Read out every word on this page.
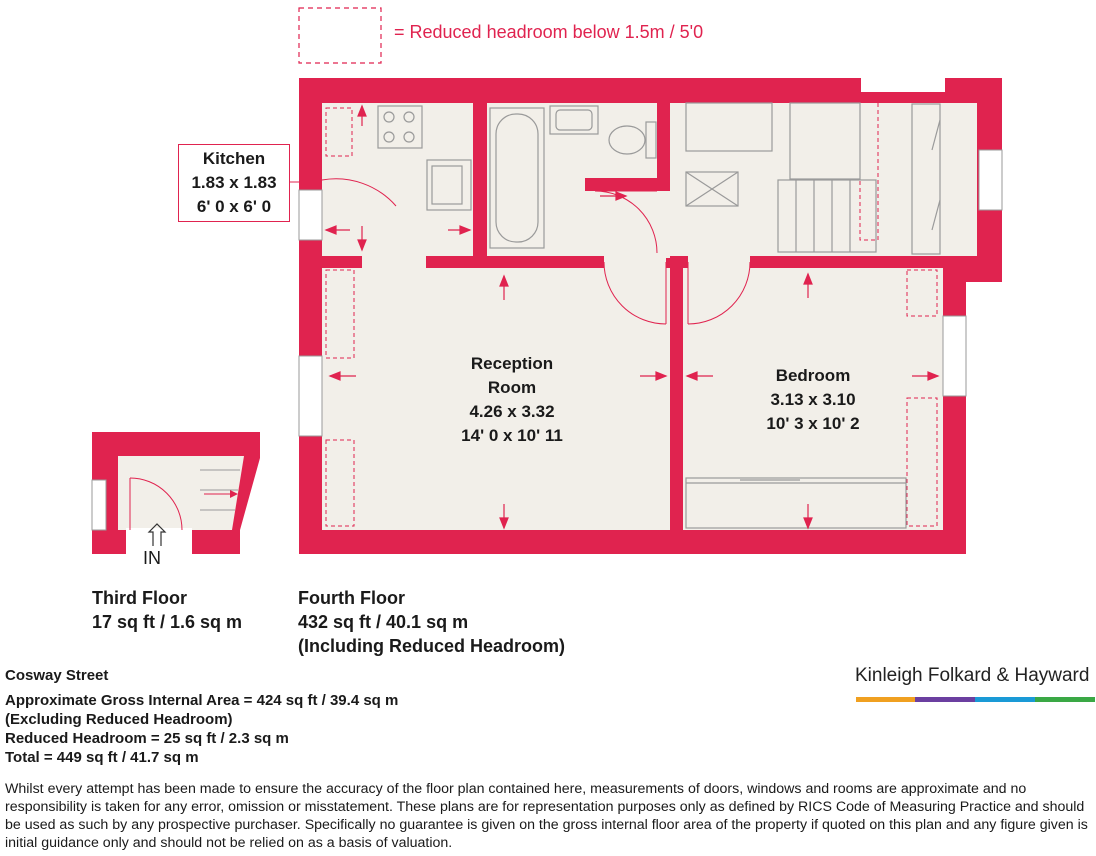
= Reduced headroom below 1.5m / 5'0
Kitchen
1.83 x 1.83
6' 0 x 6' 0
Reception
Room
4.26 x 3.32
14' 0 x 10' 11
Bedroom
3.13 x 3.10
10' 3 x 10' 2
IN
Third Floor
17 sq ft / 1.6 sq m
Fourth Floor
432 sq ft / 40.1 sq m
(Including Reduced Headroom)
Cosway Street
Approximate Gross Internal Area = 424 sq ft / 39.4 sq m
(Excluding Reduced Headroom)
Reduced Headroom = 25 sq ft / 2.3 sq m
Total = 449 sq ft / 41.7 sq m
Whilst every attempt has been made to ensure the accuracy of the floor plan contained here, measurements of doors, windows and rooms are approximate and no responsibility is taken for any error, omission or misstatement. These plans are for representation purposes only as defined by RICS Code of Measuring Practice and should be used as such by any prospective purchaser. Specifically no guarantee is given on the gross internal floor area of the property if quoted on this plan and any figure given is initial guidance only and should not be relied on as a basis of valuation.
Kinleigh Folkard & Hayward
